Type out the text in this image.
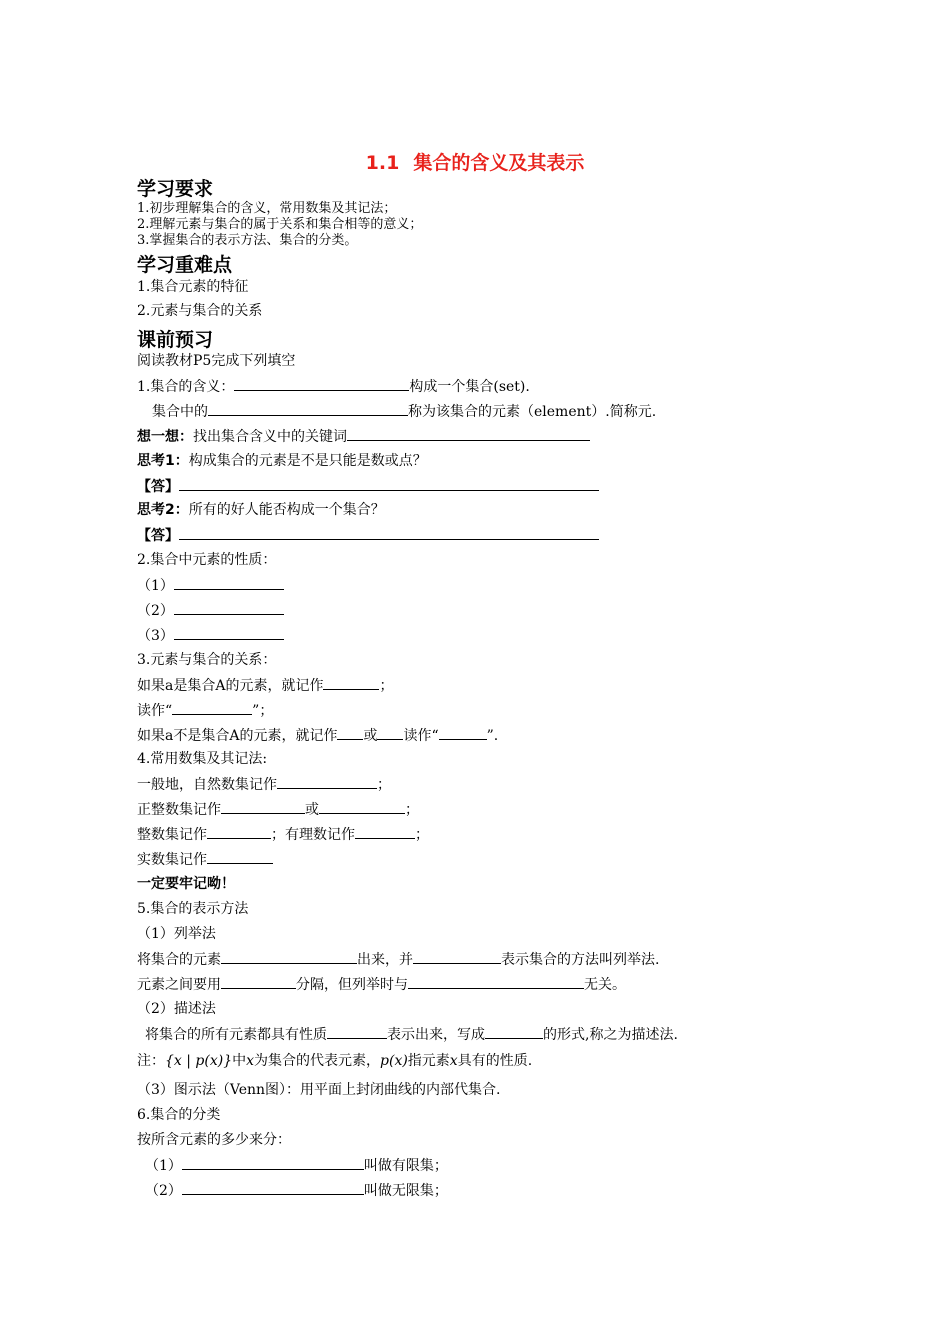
1.1 集合的含义及其表示
学习要求
1.初步理解集合的含义，常用数集及其记法；
2.理解元素与集合的属于关系和集合相等的意义；
3.掌握集合的表示方法、集合的分类。
学习重难点
1.集合元素的特征
2.元素与集合的关系
课前预习
阅读教材P5完成下列填空
1.集合的含义：	构成一个集合(set).
集合中的	称为该集合的元素（element）.简称元.
想一想：找出集合含义中的关键词
思考1：构成集合的元素是不是只能是数或点？
【答】
思考2：所有的好人能否构成一个集合？
【答】
2.集合中元素的性质：
（1）
（2）
（3）
3.元素与集合的关系：
如果a是集合A的元素，就记作	；
读作“	”；
如果a不是集合A的元素，就记作 或 读作“	”.
4.常用数集及其记法:
一般地，自然数集记作	；
正整数集记作	或	；
整数集记作	；有理数记作	；
实数集记作
一定要牢记呦！
5.集合的表示方法
（1）列举法
将集合的元素	出来，并	表示集合的方法叫列举法.
元素之间要用	分隔，但列举时与	无关。
（2）描述法
将集合的所有元素都具有性质	表示出来，写成	的形式,称之为描述法.
注：{x | p(x)}中x为集合的代表元素，p(x)指元素x具有的性质.
（3）图示法（Venn图）：用平面上封闭曲线的内部代集合.
6.集合的分类
按所含元素的多少来分：
（1）	叫做有限集；
（2）	叫做无限集；
